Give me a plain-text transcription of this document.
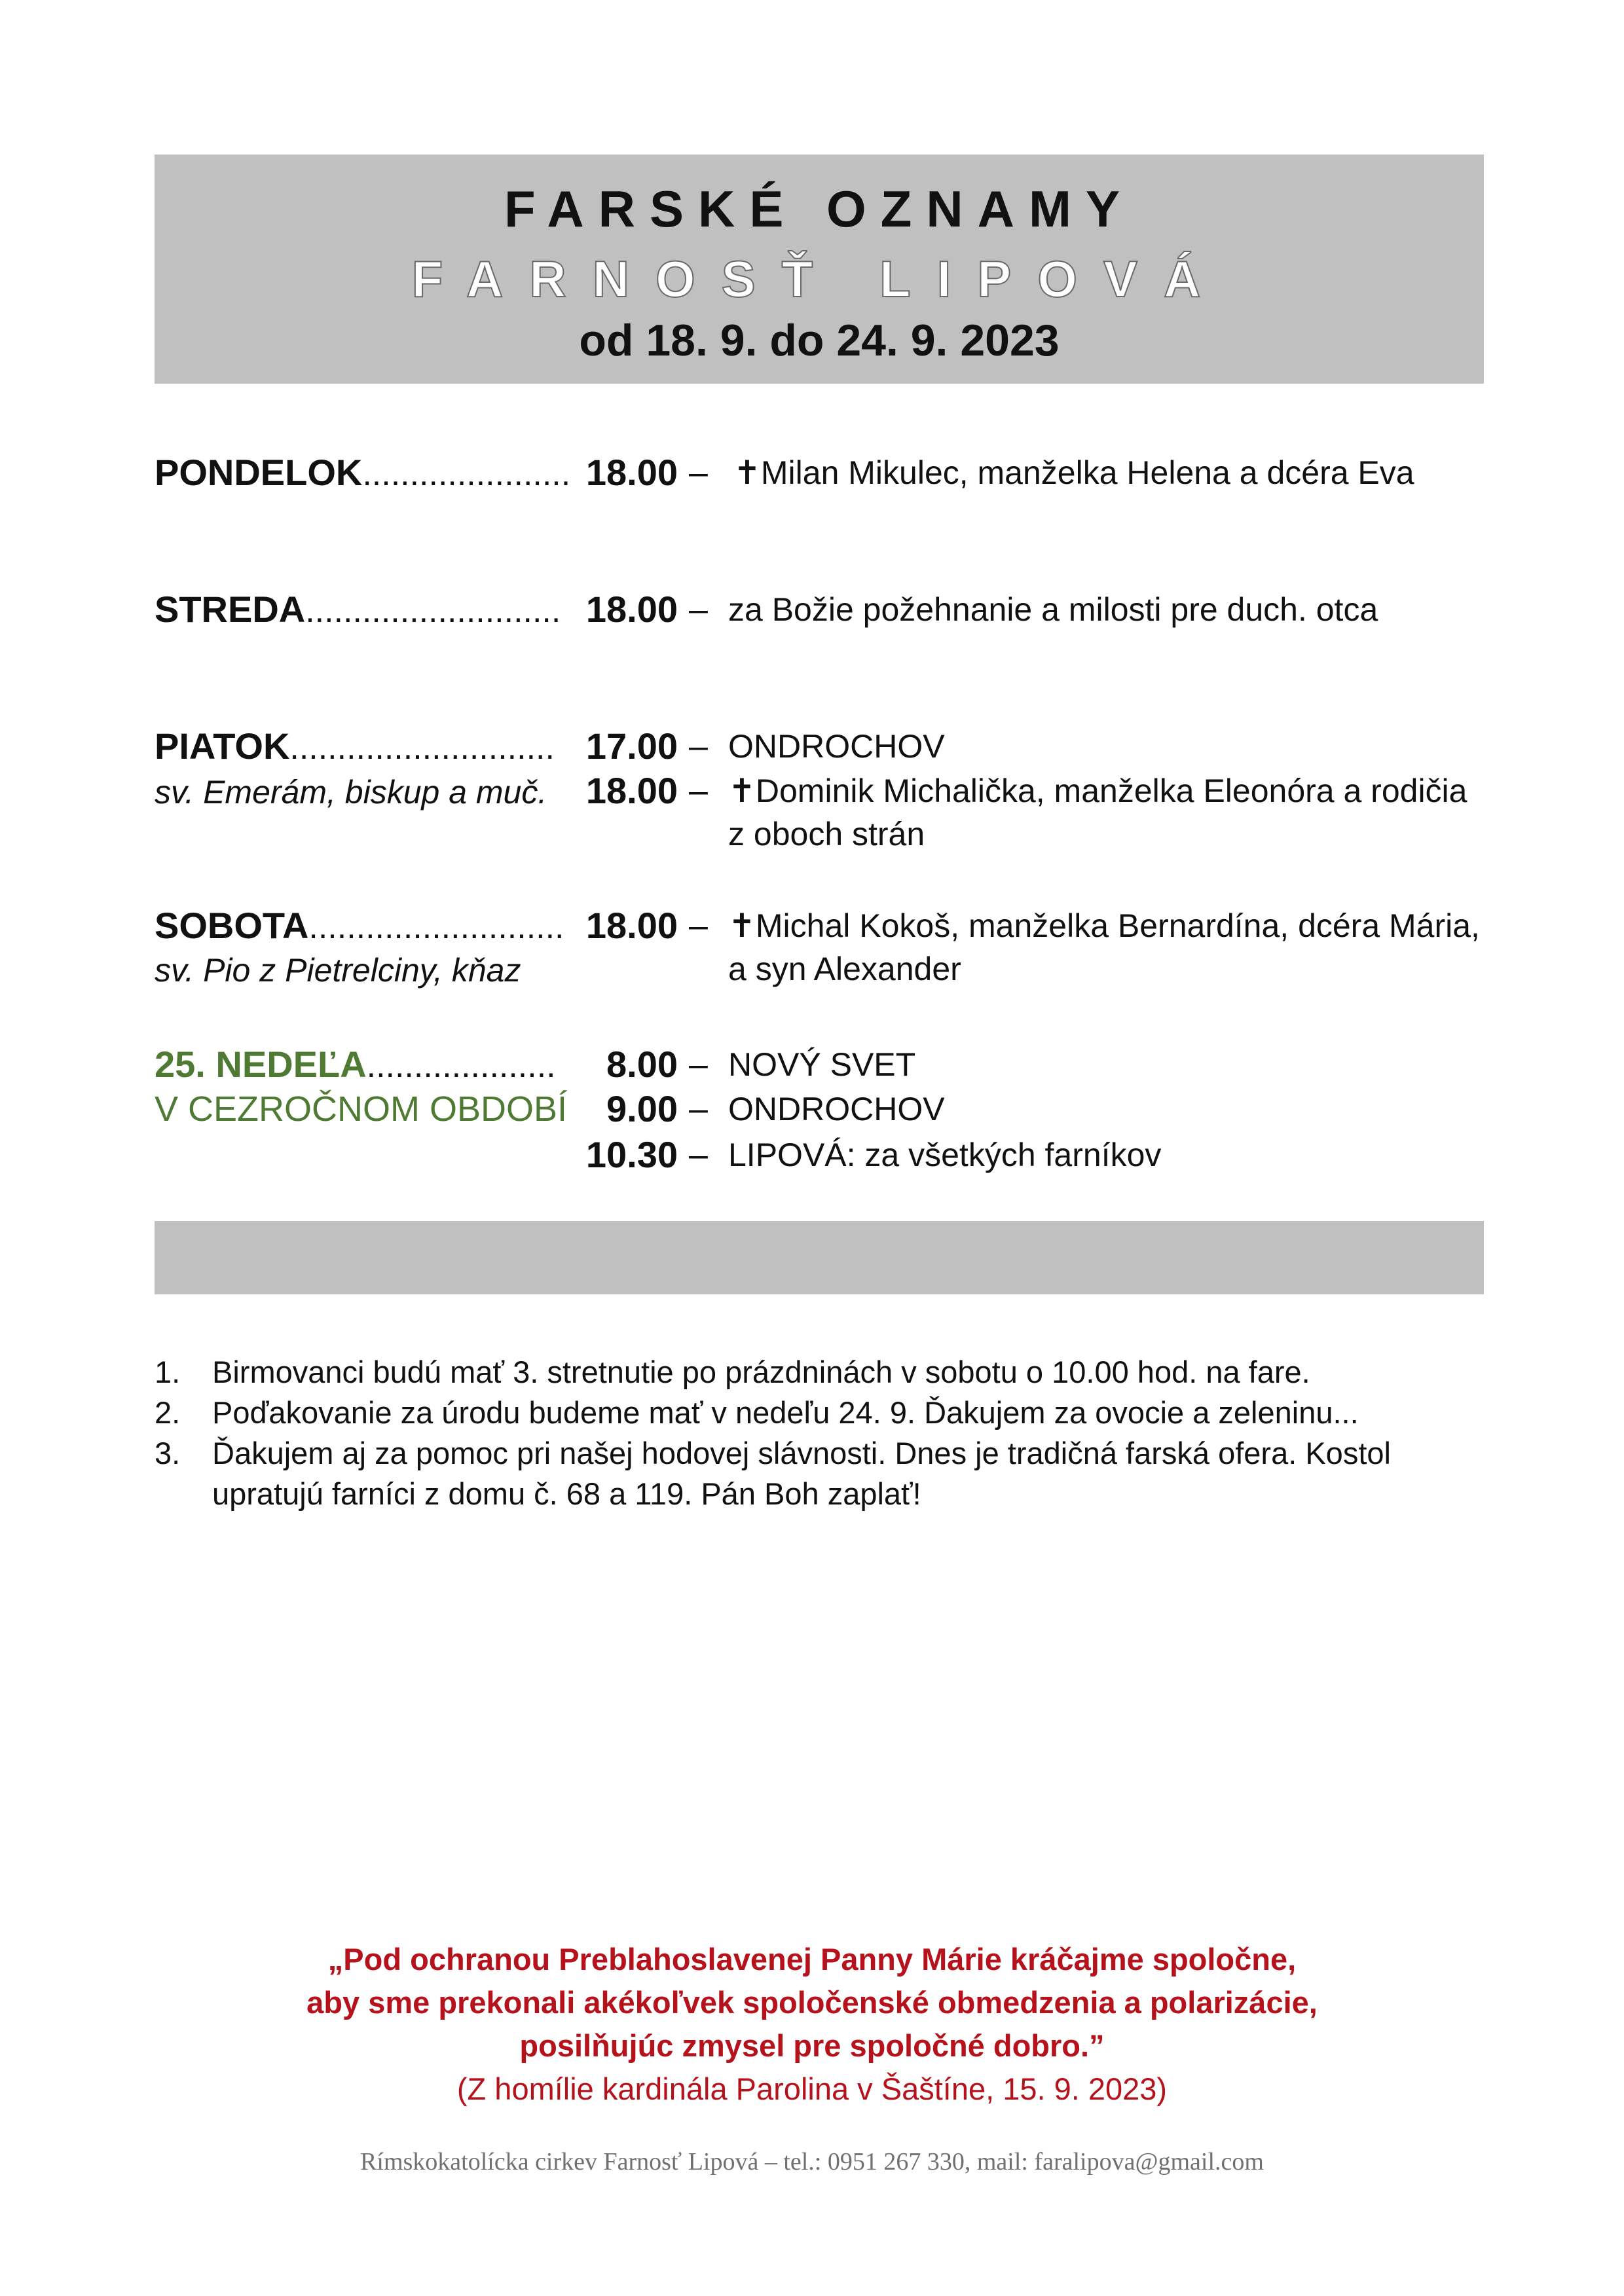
FARSKÉ OZNAMY
FARNOSŤ LIPOVÁ
od 18. 9. do 24. 9. 2023
PONDELOK...................... 18.00 – ✝Milan Mikulec, manželka Helena a dcéra Eva
STREDA........................... 18.00 – za Božie požehnanie a milosti pre duch. otca
PIATOK............................ 17.00 – ONDROCHOV
sv. Emerám, biskup a muč.	18.00 – ✝Dominik Michalička, manželka Eleonóra a rodičia
z oboch strán
SOBOTA........................... 18.00 – ✝Michal Kokoš, manželka Bernardína, dcéra Mária,
sv. Pio z Pietrelciny, kňaz	a syn Alexander
25. NEDEĽA....................	8.00 – NOVÝ SVET
V CEZROČNOM OBDOBÍ	9.00 – ONDROCHOV
10.30 – LIPOVÁ: za všetkých farníkov
1. Birmovanci budú mať 3. stretnutie po prázdninách v sobotu o 10.00 hod. na fare.
2. Poďakovanie za úrodu budeme mať v nedeľu 24. 9. Ďakujem za ovocie a zeleninu...
3. Ďakujem aj za pomoc pri našej hodovej slávnosti. Dnes je tradičná farská ofera. Kostol
upratujú farníci z domu č. 68 a 119. Pán Boh zaplať!
„Pod ochranou Preblahoslavenej Panny Márie kráčajme spoločne,
aby sme prekonali akékoľvek spoločenské obmedzenia a polarizácie,
posilňujúc zmysel pre spoločné dobro.”
(Z homílie kardinála Parolina v Šaštíne, 15. 9. 2023)
Rímskokatolícka cirkev Farnosť Lipová – tel.: 0951 267 330, mail: faralipova@gmail.com
